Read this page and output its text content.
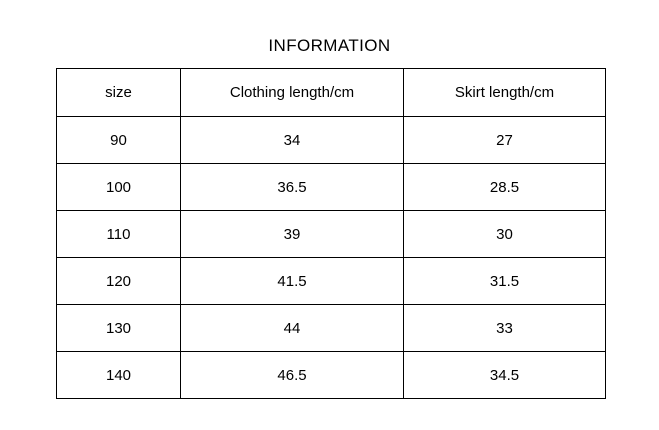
INFORMATION
size	Clothing length/cm	Skirt length/cm
90	34	27
100	36.5	28.5
110	39	30
120	41.5	31.5
130	44	33
140	46.5	34.5
